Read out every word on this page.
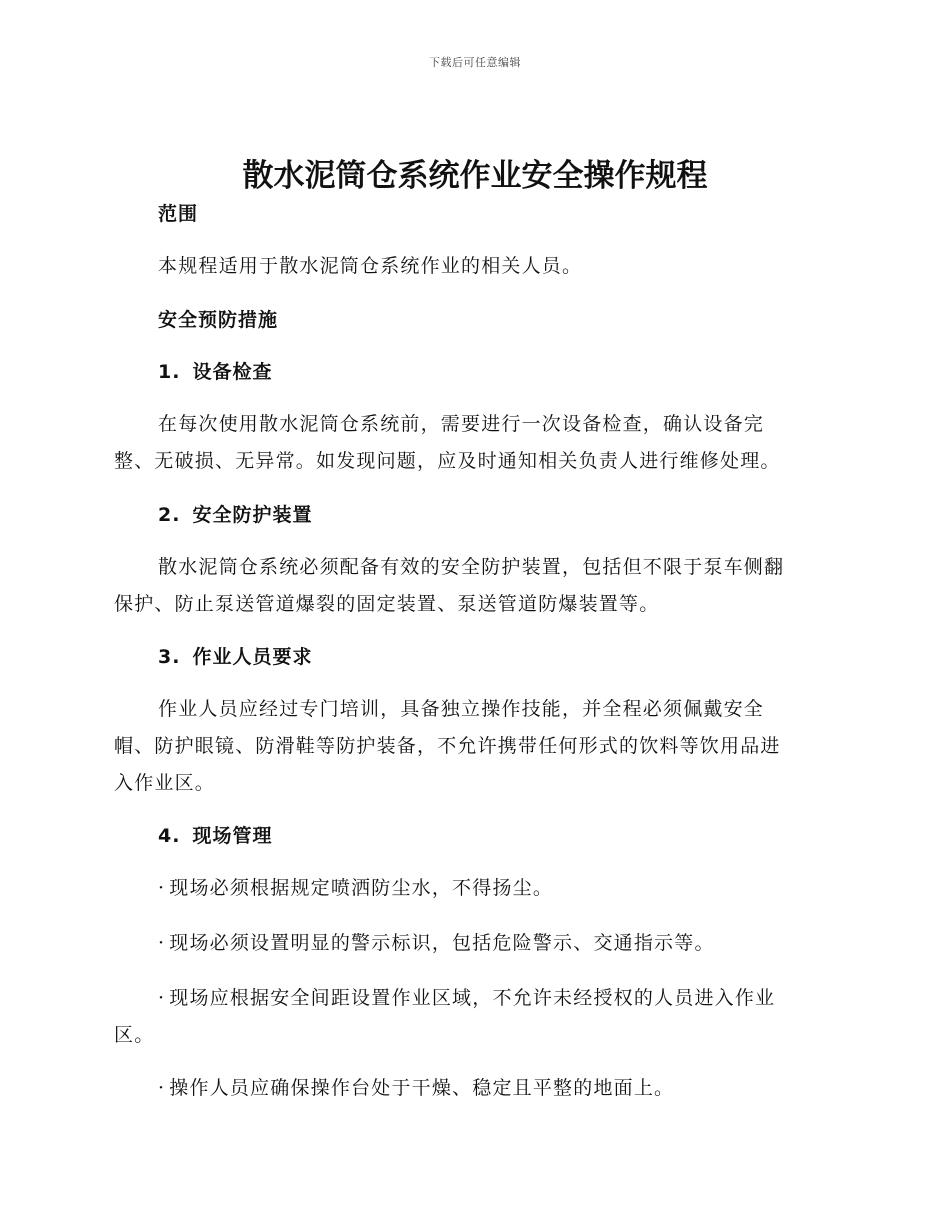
下载后可任意编辑
散水泥筒仓系统作业安全操作规程
范围
本规程适用于散水泥筒仓系统作业的相关人员。
安全预防措施
1. 设备检查
在每次使用散水泥筒仓系统前，需要进行一次设备检查，确认设备完
整、无破损、无异常。如发现问题，应及时通知相关负责人进行维修处理。
2. 安全防护装置
散水泥筒仓系统必须配备有效的安全防护装置，包括但不限于泵车侧翻
保护、防止泵送管道爆裂的固定装置、泵送管道防爆装置等。
3. 作业人员要求
作业人员应经过专门培训，具备独立操作技能，并全程必须佩戴安全
帽、防护眼镜、防滑鞋等防护装备，不允许携带任何形式的饮料等饮用品进
入作业区。
4. 现场管理
· 现场必须根据规定喷洒防尘水，不得扬尘。
· 现场必须设置明显的警示标识，包括危险警示、交通指示等。
· 现场应根据安全间距设置作业区域，不允许未经授权的人员进入作业
区。
· 操作人员应确保操作台处于干燥、稳定且平整的地面上。
